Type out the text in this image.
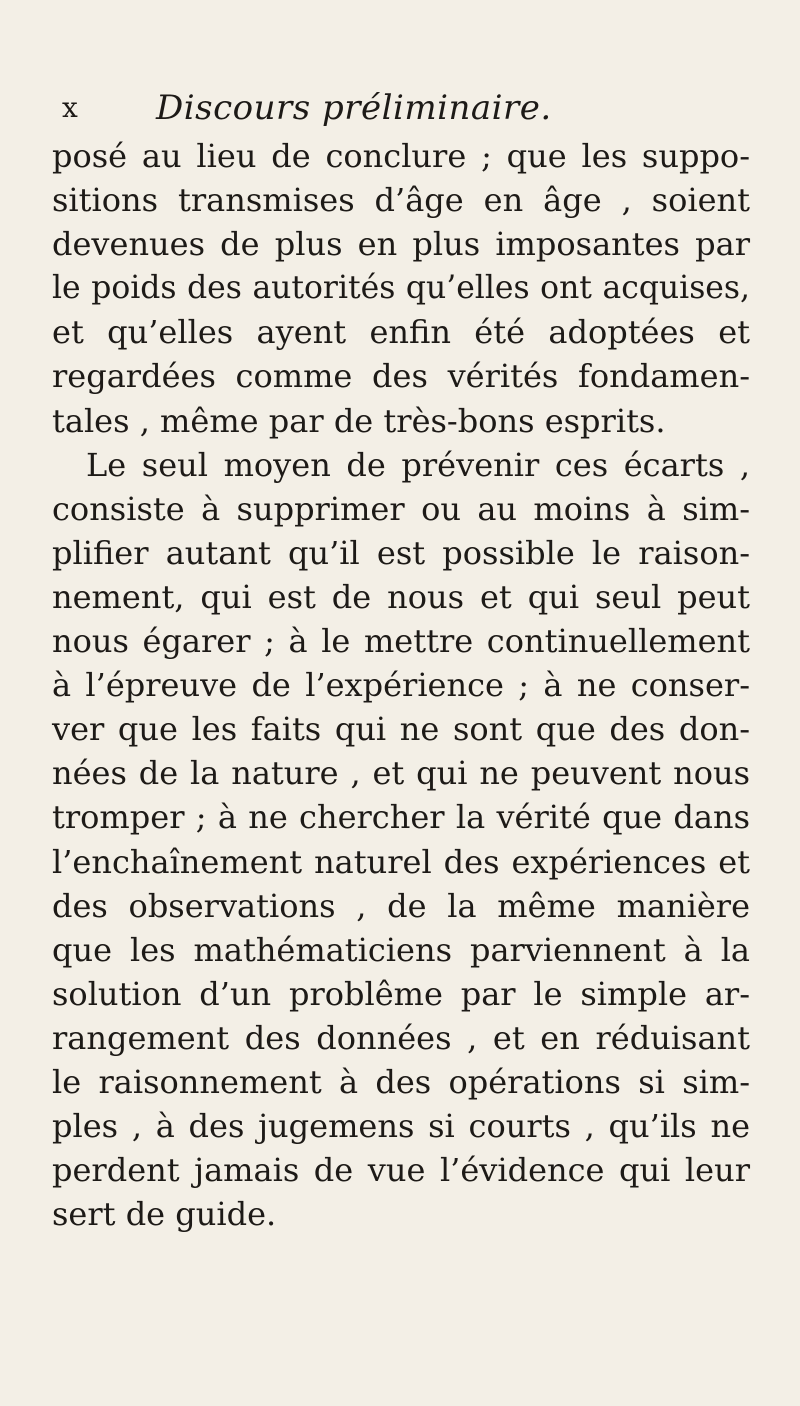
x Discours préliminaire.
posé au lieu de conclure ; que les suppo-
sitions transmises d’âge en âge , soient
devenues de plus en plus imposantes par
le poids des autorités qu’elles ont acquises,
et qu’elles ayent enfin été adoptées et
regardées comme des vérités fondamen-
tales , même par de très-bons esprits.
Le seul moyen de prévenir ces écarts ,
consiste à supprimer ou au moins à sim-
plifier autant qu’il est possible le raison-
nement, qui est de nous et qui seul peut
nous égarer ; à le mettre continuellement
à l’épreuve de l’expérience ; à ne conser-
ver que les faits qui ne sont que des don-
nées de la nature , et qui ne peuvent nous
tromper ; à ne chercher la vérité que dans
l’enchaînement naturel des expériences et
des observations , de la même manière
que les mathématiciens parviennent à la
solution d’un problême par le simple ar-
rangement des données , et en réduisant
le raisonnement à des opérations si sim-
ples , à des jugemens si courts , qu’ils ne
perdent jamais de vue l’évidence qui leur
sert de guide.
